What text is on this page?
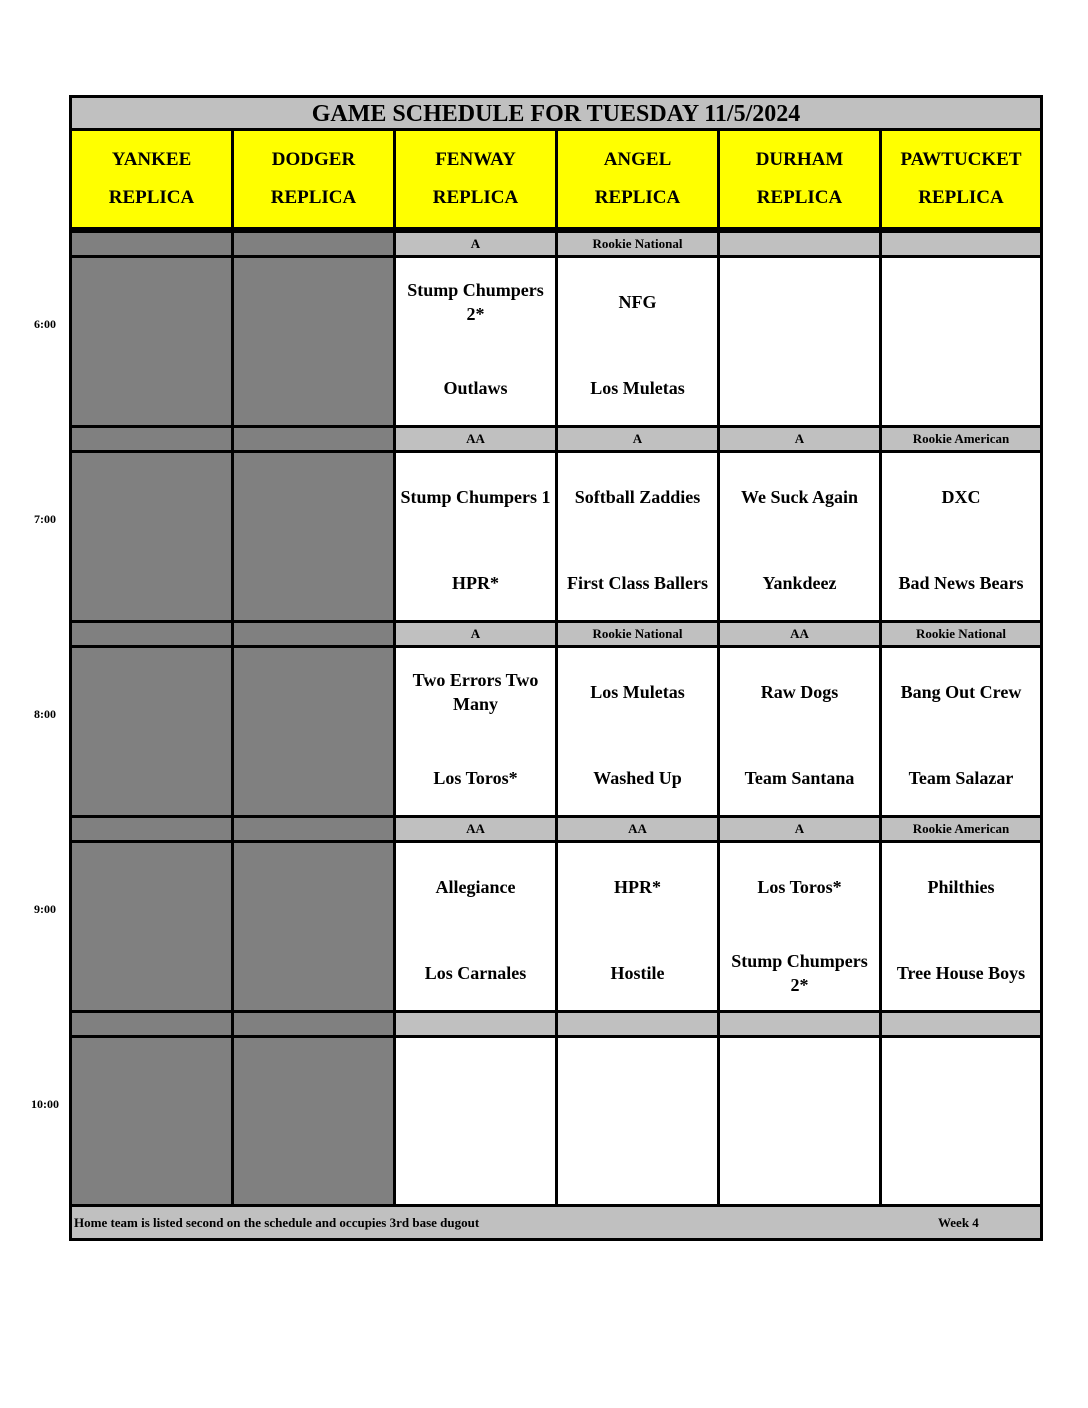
GAME SCHEDULE FOR TUESDAY 11/5/2024
YANKEE
REPLICA
DODGER
REPLICA
FENWAY
REPLICA
ANGEL
REPLICA
DURHAM
REPLICA
PAWTUCKET
REPLICA
6:00
A
Stump Chumpers 2*
Outlaws
Rookie National
NFG
Los Muletas
7:00
AA
Stump Chumpers 1
HPR*
A
Softball Zaddies
First Class Ballers
A
We Suck Again
Yankdeez
Rookie American
DXC
Bad News Bears
8:00
A
Two Errors Two Many
Los Toros*
Rookie National
Los Muletas
Washed Up
AA
Raw Dogs
Team Santana
Rookie National
Bang Out Crew
Team Salazar
9:00
AA
Allegiance
Los Carnales
AA
HPR*
Hostile
A
Los Toros*
Stump Chumpers 2*
Rookie American
Philthies
Tree House Boys
10:00
Home team is listed second on the schedule and occupies 3rd base dugout	Week 4
